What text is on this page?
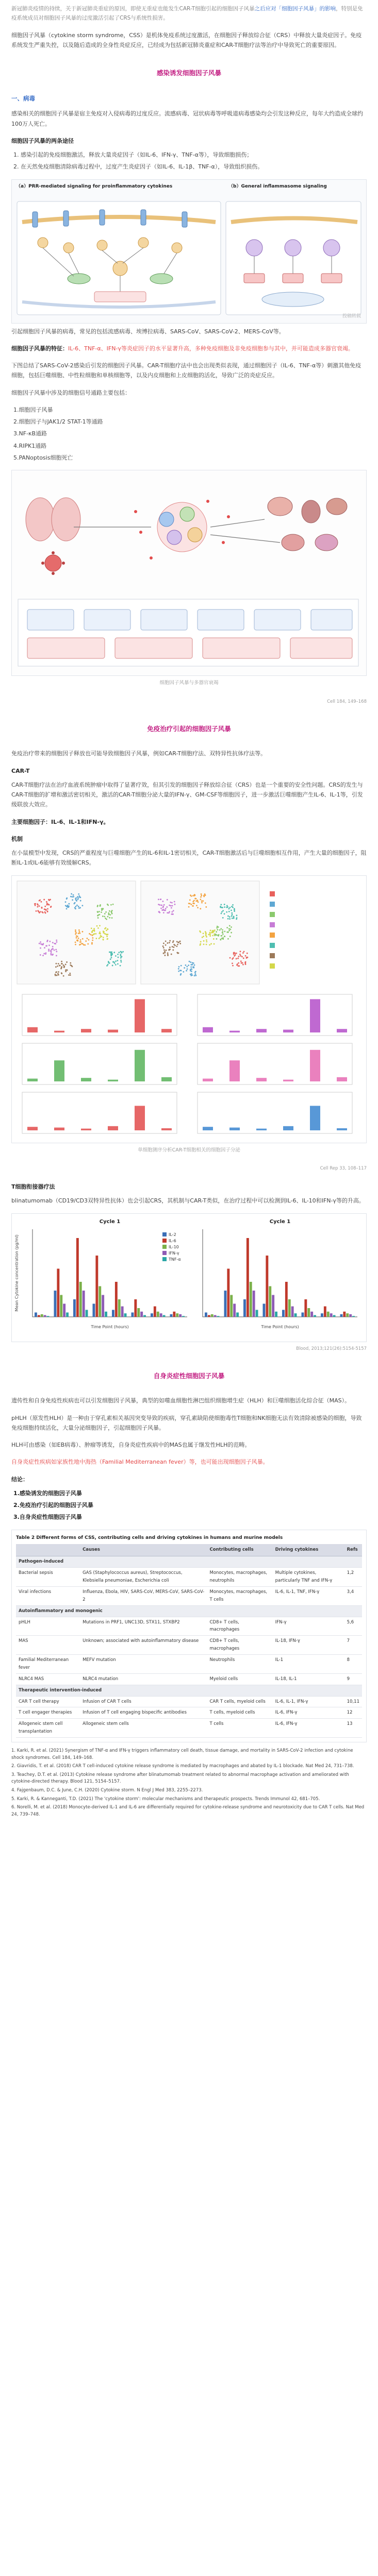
新冠肺炎疫情的持续，关于新冠肺炎重症的原因，即使无重症也能发生CAR-T细胞引起的细胞因子风暴之后应对「细胞因子风暴」的影响，特别是免疫系统成员对细胞因子风暴的过度激活引起了CRS与系统性损害。

细胞因子风暴（cytokine storm syndrome，CSS）是机体免疫系统过度激活，在细胞因子释放综合征（CRS）中释放大量炎症因子。免疫系统发生严重失控，以及随后造成的全身性炎症反应，已经成为包括新冠肺炎重症和CAR-T细胞疗法等治疗中导致死亡的重要原因。

感染诱发细胞因子风暴
一、病毒

感染相关的细胞因子风暴是宿主免疫对入侵病毒的过度反应。流感病毒、冠状病毒等呼吸道病毒感染均会引发这种反应，每年大约造成全球约100万人死亡。

细胞因子风暴的两条途径
1. 感染引起的免疫细胞激活，释放大量炎症因子（如IL-6、IFN-γ、TNF-α等），导致细胞损伤；
2. 在天然免疫细胞清除病毒过程中，过度产生炎症因子（如IL-6、IL-1β、TNF-α），导致组织损伤。
（a）PRR-mediated signaling for proinflammatory cytokines	（b）General inflammasome signaling
投稿转载

引起细胞因子风暴的病毒，常见的包括流感病毒、埃博拉病毒、SARS-CoV、SARS-CoV-2、MERS-CoV等。

细胞因子风暴的特征：IL-6、TNF-α、IFN-γ等炎症因子的水平显著升高，多种免疫细胞及非免疫细胞参与其中，并可能造成多器官衰竭。

下图总结了SARS-CoV-2感染后引发的细胞因子风暴。CAR-T细胞疗法中也会出现类似表现，通过细胞因子（IL-6、TNF-α等）刺激其他免疫细胞，包括巨噬细胞、中性粒细胞和单核细胞等，以及内皮细胞和上皮细胞的活化，导致广泛的炎症反应。

细胞因子风暴中涉及的细胞信号通路主要包括：

1.细胞因子风暴
2.细胞因子与JAK1/2 STAT-1等通路
3.NF-κB通路
4.RIPK1通路
5.PANoptosis细胞死亡
细胞因子风暴与多器官衰竭
Cell 184, 149–168
免疫治疗引起的细胞因子风暴

免疫治疗带来的细胞因子释放也可能导致细胞因子风暴，例如CAR-T细胞疗法、双特异性抗体疗法等。

CAR-T

CAR-T细胞疗法在治疗血液系统肿瘤中取得了显著疗效，但其引发的细胞因子释放综合征（CRS）也是一个重要的安全性问题。CRS的发生与CAR-T细胞的扩增和激活密切相关，激活的CAR-T细胞分泌大量的IFN-γ、GM-CSF等细胞因子，进一步激活巨噬细胞产生IL-6、IL-1等，引发级联放大效应。

主要细胞因子：IL-6、IL-1和IFN-γ。

机制

在小鼠模型中发现，CRS的严重程度与巨噬细胞产生的IL-6和IL-1密切相关，CAR-T细胞激活后与巨噬细胞相互作用，产生大量的细胞因子，阻断IL-1或IL-6能够有效缓解CRS。

单细胞测序分析CAR-T细胞相关的细胞因子分泌
Cell Rep 33, 108–117
T细胞衔接器疗法

blinatumomab（CD19/CD3双特异性抗体）也会引起CRS，其机制与CAR-T类似，在治疗过程中可以检测到IL-6、IL-10和IFN-γ等的升高。

Cycle 1
Time Point (hours)
Cycle 1
Time Point (hours)
Mean Cytokine concentration (pg/ml)	IL-2
IL-6
IL-10
IFN-γ
TNF-α
Blood, 2013;121(26):5154-5157
自身炎症性细胞因子风暴

遗传性和自身免疫性疾病也可以引发细胞因子风暴，典型的如噬血细胞性淋巴组织细胞增生症（HLH）和巨噬细胞活化综合征（MAS）。

pHLH（原发性HLH）是一种由于穿孔素相关基因突变导致的疾病，穿孔素缺陷使细胞毒性T细胞和NK细胞无法有效清除被感染的细胞，导致免疫细胞持续活化，大量分泌细胞因子，引起细胞因子风暴。

HLH可由感染（如EB病毒）、肿瘤等诱发，自身炎症性疾病中的MAS也属于继发性HLH的范畴。

自身炎症性疾病如家族性地中海热（Familial Mediterranean fever）等，也可能出现细胞因子风暴。

结论：
1.感染诱发的细胞因子风暴
2.免疫治疗引起的细胞因子风暴
3.自身炎症性细胞因子风暴
Table 2 Different forms of CSS, contributing cells and driving cytokines in humans and murine models
	Causes	Contributing cells	Driving cytokines	Refs
Pathogen-induced				
Bacterial sepsis	GAS (Staphylococcus aureus), Streptococcus, Klebsiella pneumoniae, Escherichia coli	Monocytes, macrophages, neutrophils	Multiple cytokines, particularly TNF and IFN-γ	1,2
Viral infections	Influenza, Ebola, HIV, SARS-CoV, MERS-CoV, SARS-CoV-2	Monocytes, macrophages, T cells	IL-6, IL-1, TNF, IFN-γ	3,4
Autoinflammatory and monogenic				
pHLH	Mutations in PRF1, UNC13D, STX11, STXBP2	CD8+ T cells, macrophages	IFN-γ	5,6
MAS	Unknown; associated with autoinflammatory disease	CD8+ T cells, macrophages	IL-18, IFN-γ	7
Familial Mediterranean fever	MEFV mutation	Neutrophils	IL-1	8
NLRC4 MAS	NLRC4 mutation	Myeloid cells	IL-18, IL-1	9
Therapeutic intervention-induced				
CAR T cell therapy	Infusion of CAR T cells	CAR T cells, myeloid cells	IL-6, IL-1, IFN-γ	10,11
T cell engager therapies	Infusion of T cell engaging bispecific antibodies	T cells, myeloid cells	IL-6, IFN-γ	12
Allogeneic stem cell transplantation	Allogeneic stem cells	T cells	IL-6, IFN-γ	13
1. Karki, R. et al. (2021) Synergism of TNF-α and IFN-γ triggers inflammatory cell death, tissue damage, and mortality in SARS-CoV-2 infection and cytokine shock syndromes. Cell 184, 149–168.
2. Giavridis, T. et al. (2018) CAR T cell-induced cytokine release syndrome is mediated by macrophages and abated by IL-1 blockade. Nat Med 24, 731–738.
3. Teachey, D.T. et al. (2013) Cytokine release syndrome after blinatumomab treatment related to abnormal macrophage activation and ameliorated with cytokine-directed therapy. Blood 121, 5154–5157.
4. Fajgenbaum, D.C. & June, C.H. (2020) Cytokine storm. N Engl J Med 383, 2255–2273.
5. Karki, R. & Kanneganti, T.D. (2021) The 'cytokine storm': molecular mechanisms and therapeutic prospects. Trends Immunol 42, 681–705.
6. Norelli, M. et al. (2018) Monocyte-derived IL-1 and IL-6 are differentially required for cytokine-release syndrome and neurotoxicity due to CAR T cells. Nat Med 24, 739–748.
